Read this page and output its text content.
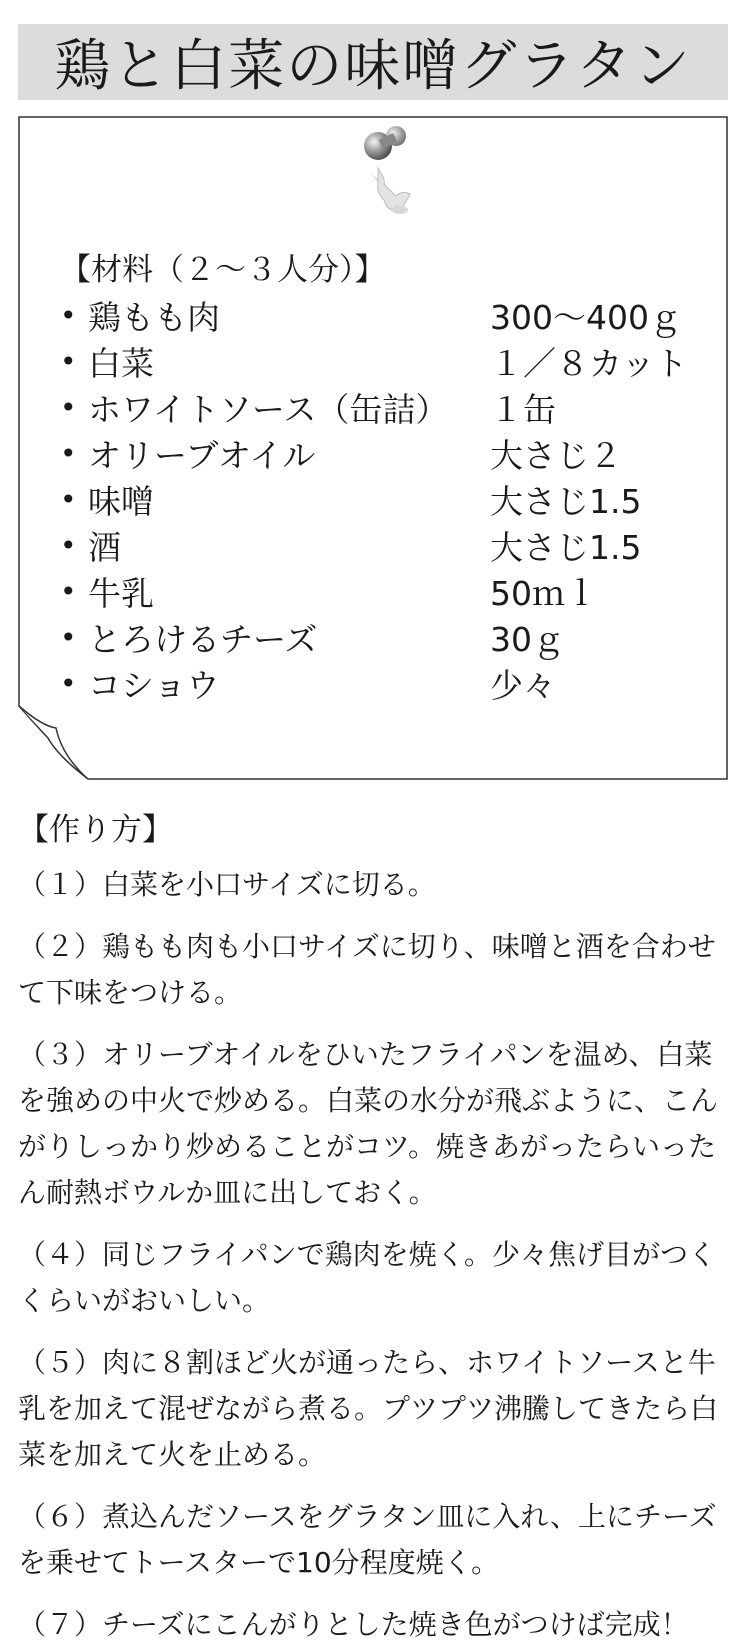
鶏と白菜の味噌グラタン
【材料（２～３人分）】
• 鶏もも肉	300～400ｇ
• 白菜	１／８カット
• ホワイトソース（缶詰）	１缶
• オリーブオイル	大さじ２
• 味噌	大さじ1.5
• 酒	大さじ1.5
• 牛乳	50ｍｌ
• とろけるチーズ	30ｇ
• コショウ	少々
【作り方】

（１）白菜を小口サイズに切る。

（２）鶏もも肉も小口サイズに切り、味噌と酒を合わせて下味をつける。

（３）オリーブオイルをひいたフライパンを温め、白菜を強めの中火で炒める。白菜の水分が飛ぶように、こんがりしっかり炒めることがコツ。焼きあがったらいったん耐熱ボウルか皿に出しておく。

（４）同じフライパンで鶏肉を焼く。少々焦げ目がつくくらいがおいしい。

（５）肉に８割ほど火が通ったら、ホワイトソースと牛乳を加えて混ぜながら煮る。プツプツ沸騰してきたら白菜を加えて火を止める。

（６）煮込んだソースをグラタン皿に入れ、上にチーズを乗せてトースターで10分程度焼く。

（７）チーズにこんがりとした焼き色がつけば完成！
